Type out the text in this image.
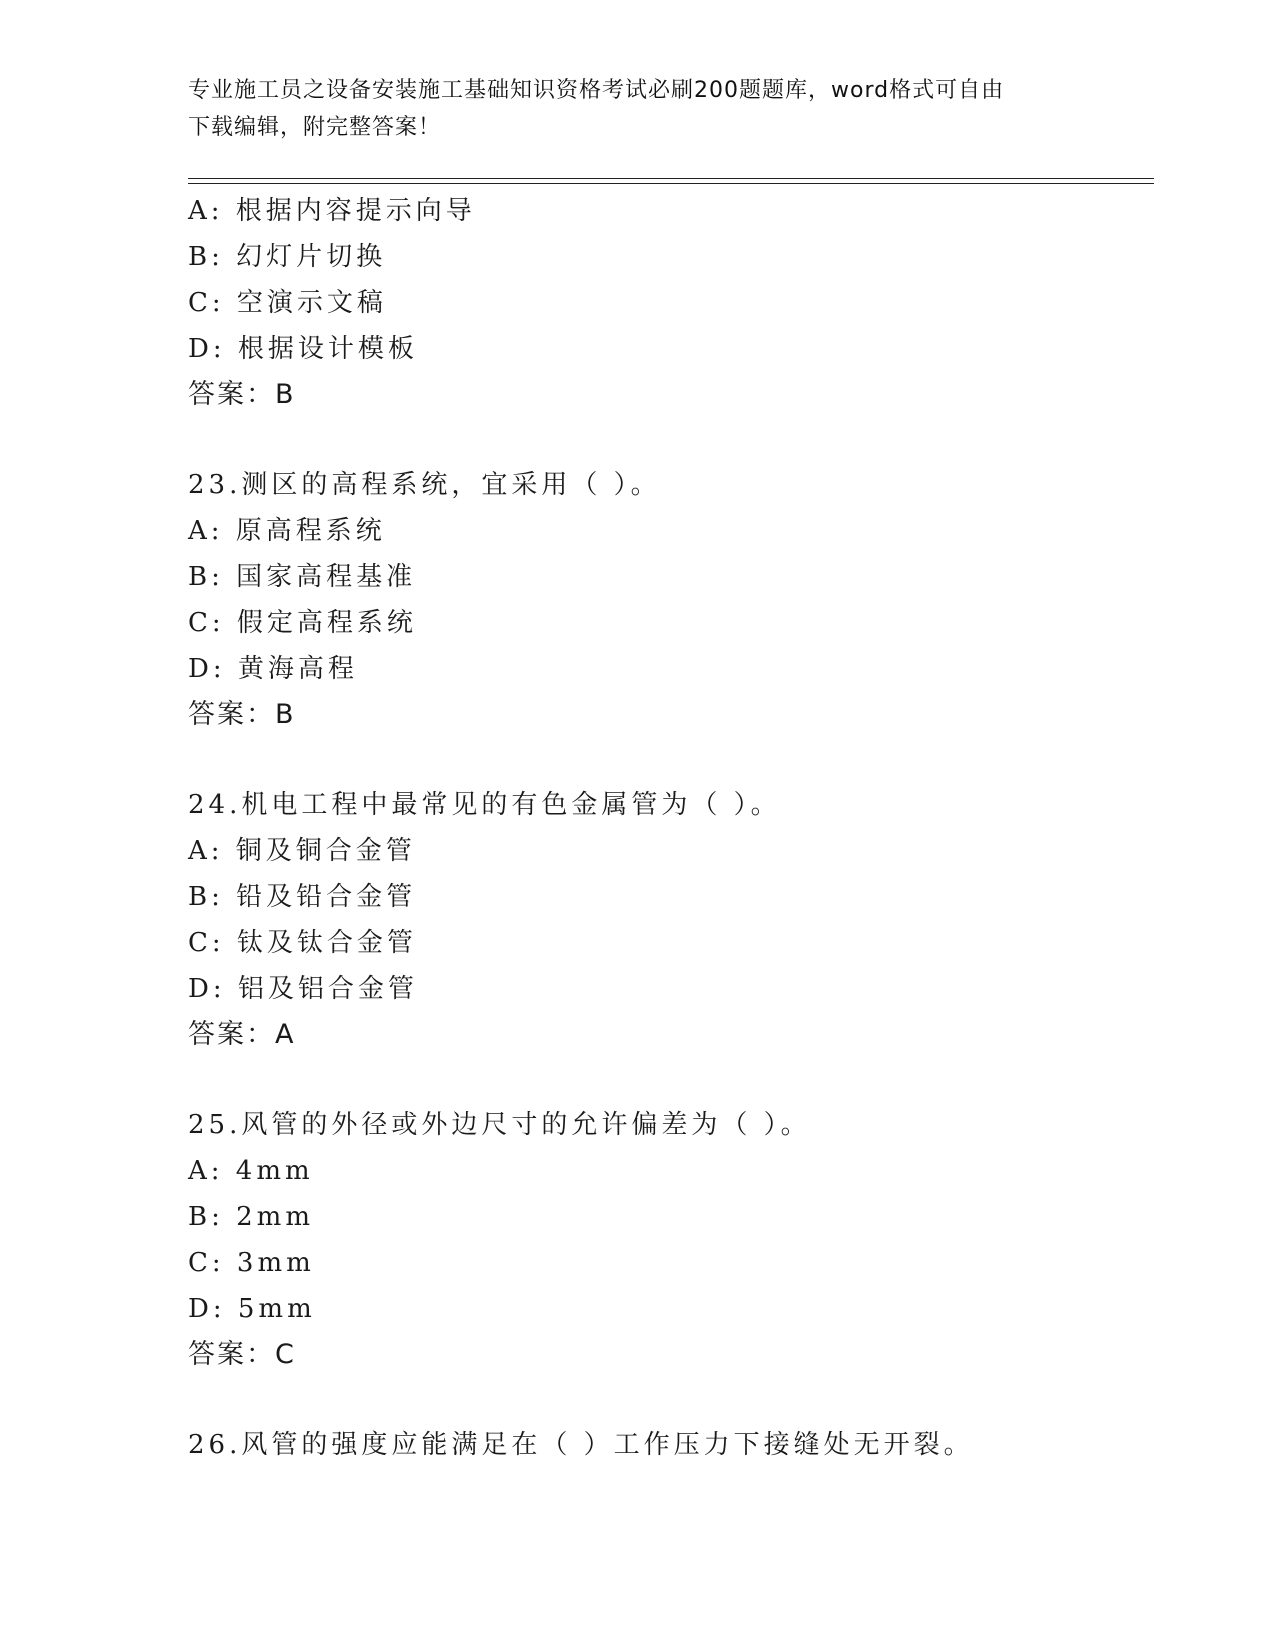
专业施工员之设备安装施工基础知识资格考试必刷200题题库，word格式可自由
下载编辑，附完整答案！
A: 根据内容提示向导
B: 幻灯片切换
C: 空演示文稿
D: 根据设计模板
答案：B
23.测区的高程系统，宜采用（ ）。
A: 原高程系统
B: 国家高程基准
C: 假定高程系统
D: 黄海高程
答案：B
24.机电工程中最常见的有色金属管为（ ）。
A: 铜及铜合金管
B: 铅及铅合金管
C: 钛及钛合金管
D: 铝及铝合金管
答案：A
25.风管的外径或外边尺寸的允许偏差为（ ）。
A: 4mm
B: 2mm
C: 3mm
D: 5mm
答案：C
26.风管的强度应能满足在（ ）工作压力下接缝处无开裂。
